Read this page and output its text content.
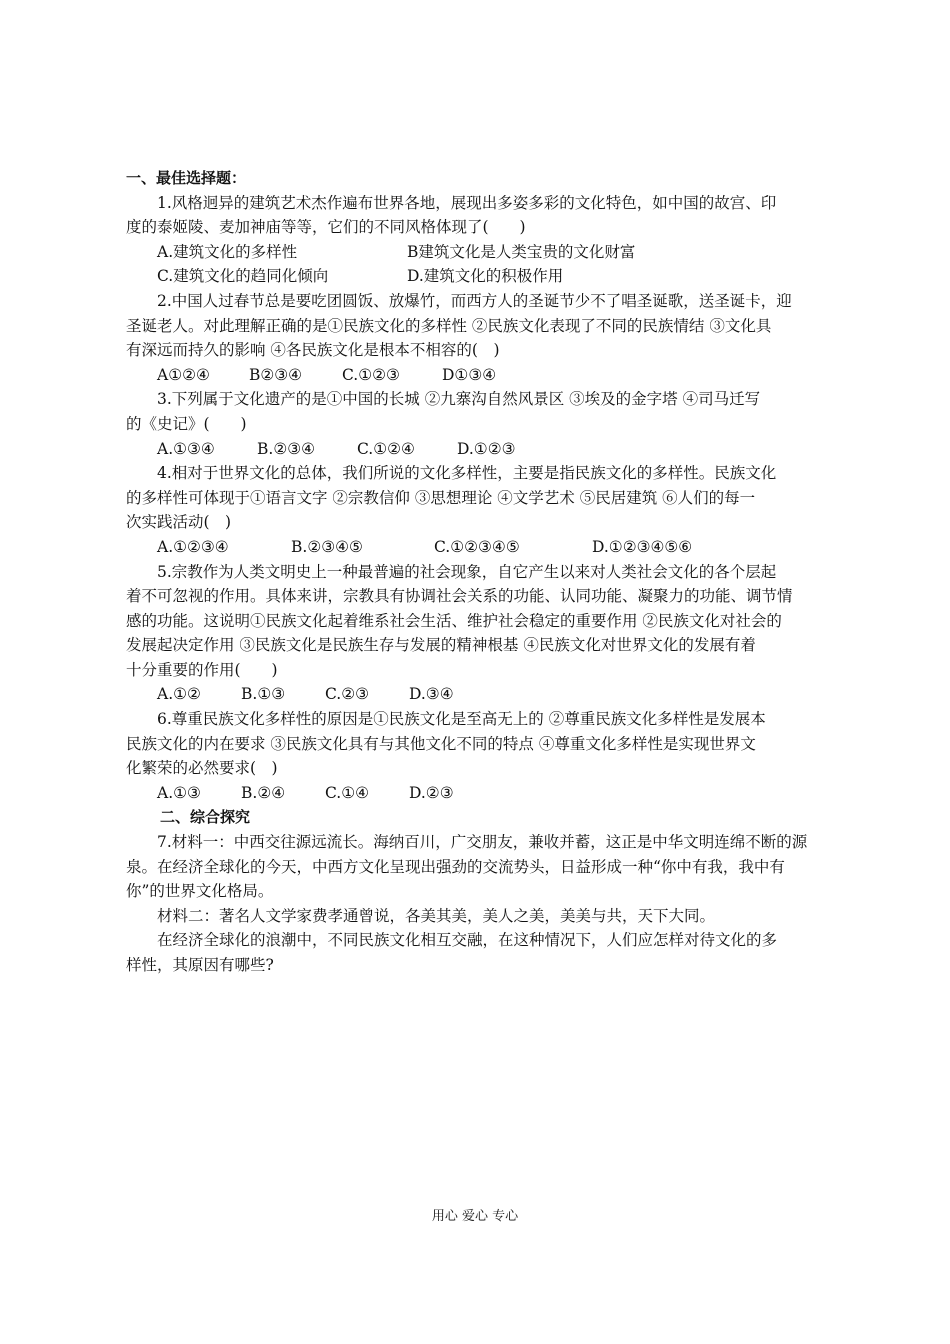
一、最佳选择题：
1.风格迥异的建筑艺术杰作遍布世界各地，展现出多姿多彩的文化特色，如中国的故宫、印
度的泰姬陵、麦加神庙等等，它们的不同风格体现了(　　)
A.建筑文化的多样性	B建筑文化是人类宝贵的文化财富
C.建筑文化的趋同化倾向	D.建筑文化的积极作用
2.中国人过春节总是要吃团圆饭、放爆竹，而西方人的圣诞节少不了唱圣诞歌，送圣诞卡，迎
圣诞老人。对此理解正确的是①民族文化的多样性 ②民族文化表现了不同的民族情结 ③文化具
有深远而持久的影响 ④各民族文化是根本不相容的(　)
A①②④	B②③④	C.①②③	D①③④
3.下列属于文化遗产的是①中国的长城 ②九寨沟自然风景区 ③埃及的金字塔 ④司马迁写
的《史记》(　　)
A.①③④	B.②③④	C.①②④	D.①②③
4.相对于世界文化的总体，我们所说的文化多样性，主要是指民族文化的多样性。民族文化
的多样性可体现于①语言文字 ②宗教信仰 ③思想理论 ④文学艺术 ⑤民居建筑 ⑥人们的每一
次实践活动(　)
A.①②③④	B.②③④⑤	C.①②③④⑤	D.①②③④⑤⑥
5.宗教作为人类文明史上一种最普遍的社会现象，自它产生以来对人类社会文化的各个层起
着不可忽视的作用。具体来讲，宗教具有协调社会关系的功能、认同功能、凝聚力的功能、调节情
感的功能。这说明①民族文化起着维系社会生活、维护社会稳定的重要作用 ②民族文化对社会的
发展起决定作用 ③民族文化是民族生存与发展的精神根基 ④民族文化对世界文化的发展有着
十分重要的作用(　　)
A.①②	B.①③	C.②③	D.③④
6.尊重民族文化多样性的原因是①民族文化是至高无上的 ②尊重民族文化多样性是发展本
民族文化的内在要求 ③民族文化具有与其他文化不同的特点 ④尊重文化多样性是实现世界文
化繁荣的必然要求(　)
A.①③	B.②④	C.①④	D.②③
二、综合探究
7.材料一：中西交往源远流长。海纳百川，广交朋友，兼收并蓄，这正是中华文明连绵不断的源
泉。在经济全球化的今天，中西方文化呈现出强劲的交流势头，日益形成一种“你中有我，我中有
你”的世界文化格局。
材料二：著名人文学家费孝通曾说，各美其美，美人之美，美美与共，天下大同。
在经济全球化的浪潮中，不同民族文化相互交融，在这种情况下，人们应怎样对待文化的多
样性，其原因有哪些?
用心 爱心 专心
